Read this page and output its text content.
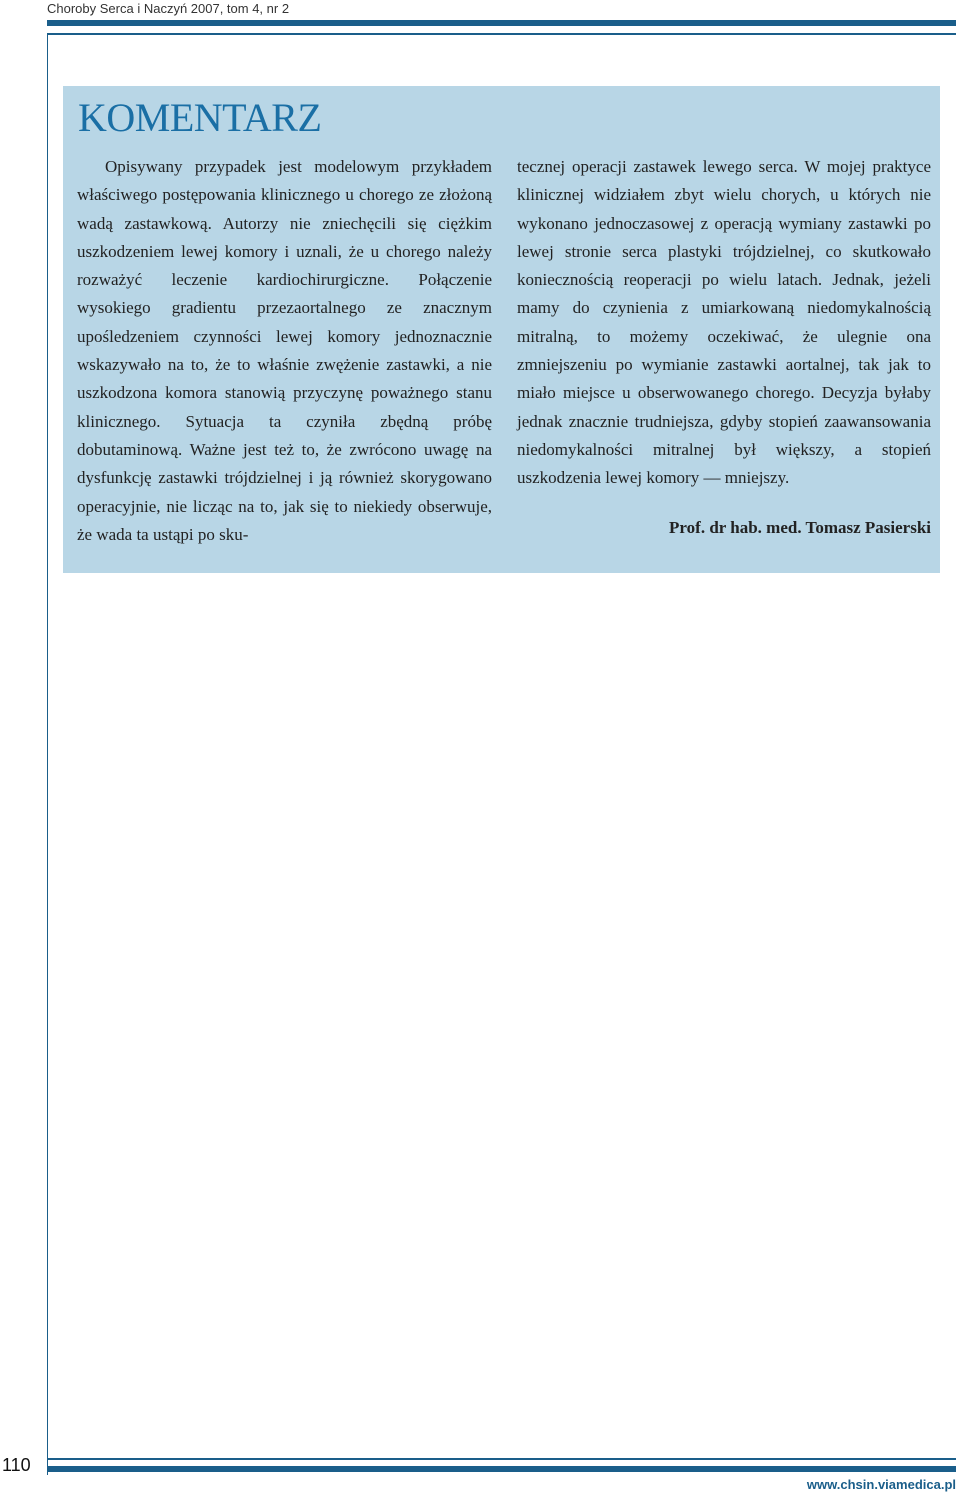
Choroby Serca i Naczyń 2007, tom 4, nr 2
KOMENTARZ

Opisywany przypadek jest modelowym przykładem właściwego postępowania klinicznego u chorego ze złożoną wadą zastawkową. Autorzy nie zniechęcili się ciężkim uszkodzeniem lewej komory i uznali, że u chorego należy rozważyć leczenie kardiochirurgiczne. Połączenie wysokiego gradientu przezaortalnego ze znacznym upośledzeniem czynności lewej komory jednoznacznie wskazywało na to, że to właśnie zwężenie zastawki, a nie uszkodzona komora stanowią przyczynę poważnego stanu klinicznego. Sytuacja ta czyniła zbędną próbę dobutaminową. Ważne jest też to, że zwrócono uwagę na dysfunkcję zastawki trójdzielnej i ją również skorygowano operacyjnie, nie licząc na to, jak się to niekiedy obserwuje, że wada ta ustąpi po sku-

tecznej operacji zastawek lewego serca. W mojej praktyce klinicznej widziałem zbyt wielu chorych, u których nie wykonano jednoczasowej z operacją wymiany zastawki po lewej stronie serca plastyki trójdzielnej, co skutkowało koniecznością reoperacji po wielu latach. Jednak, jeżeli mamy do czynienia z umiarkowaną niedomykalnością mitralną, to możemy oczekiwać, że ulegnie ona zmniejszeniu po wymianie zastawki aortalnej, tak jak to miało miejsce u obserwowanego chorego. Decyzja byłaby jednak znacznie trudniejsza, gdyby stopień zaawansowania niedomykalności mitralnej był większy, a stopień uszkodzenia lewej komory — mniejszy.

Prof. dr hab. med. Tomasz Pasierski
110
www.chsin.viamedica.pl
